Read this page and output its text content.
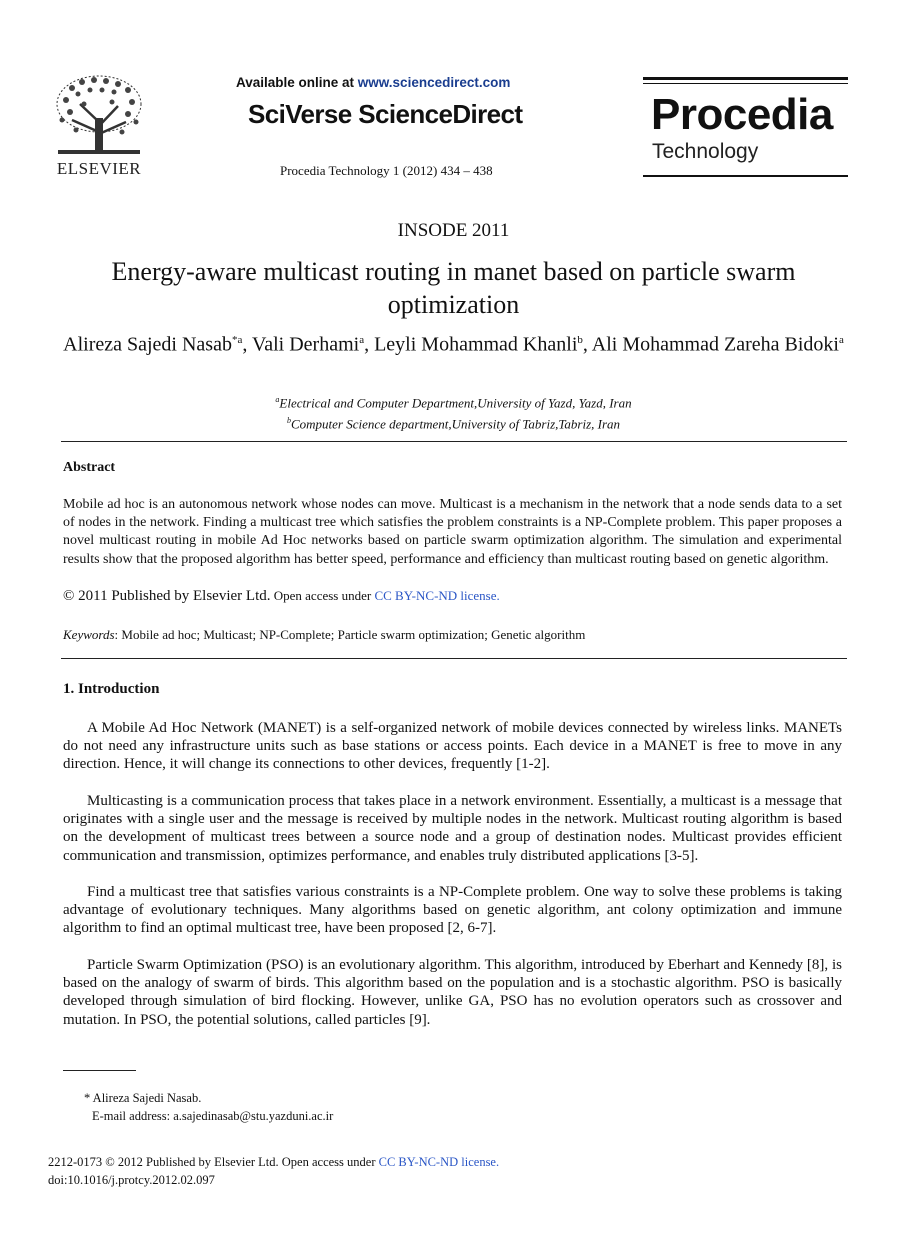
ELSEVIER
Available online at www.sciencedirect.com
SciVerse ScienceDirect
Procedia Technology 1 (2012) 434 – 438
Procedia
Technology
INSODE 2011
Energy-aware multicast routing in manet based on particle swarm optimization
Alireza Sajedi Nasab$^{*a}$, Vali Derhami$^a$, Leyli Mohammad Khanli$^b$, Ali Mohammad Zareha Bidoki$^a$
$^a$Electrical and Computer Department,University of Yazd, Yazd, Iran
$^b$Computer Science department,University of Tabriz,Tabriz, Iran
Abstract
Mobile ad hoc is an autonomous network whose nodes can move. Multicast is a mechanism in the network that a node sends data to a set of nodes in the network. Finding a multicast tree which satisfies the problem constraints is a NP-Complete problem. This paper proposes a novel multicast routing in mobile Ad Hoc networks based on particle swarm optimization algorithm. The simulation and experimental results show that the proposed algorithm has better speed, performance and efficiency than multicast routing based on genetic algorithm.
© 2011 Published by Elsevier Ltd. Open access under CC BY-NC-ND license.
Keywords: Mobile ad hoc; Multicast; NP-Complete; Particle swarm optimization; Genetic algorithm
1. Introduction
A Mobile Ad Hoc Network (MANET) is a self-organized network of mobile devices connected by wireless links. MANETs do not need any infrastructure units such as base stations or access points. Each device in a MANET is free to move in any direction. Hence, it will change its connections to other devices, frequently [1-2].
Multicasting is a communication process that takes place in a network environment. Essentially, a multicast is a message that originates with a single user and the message is received by multiple nodes in the network. Multicast routing algorithm is based on the development of multicast trees between a source node and a group of destination nodes. Multicast provides efficient communication and transmission, optimizes performance, and enables truly distributed applications [3-5].
Find a multicast tree that satisfies various constraints is a NP-Complete problem. One way to solve these problems is taking advantage of evolutionary techniques. Many algorithms based on genetic algorithm, ant colony optimization and immune algorithm to find an optimal multicast tree, have been proposed [2, 6-7].
Particle Swarm Optimization (PSO) is an evolutionary algorithm. This algorithm, introduced by Eberhart and Kennedy [8], is based on the analogy of swarm of birds. This algorithm based on the population and is a stochastic algorithm. PSO is basically developed through simulation of bird flocking. However, unlike GA, PSO has no evolution operators such as crossover and mutation. In PSO, the potential solutions, called particles [9].
* Alireza Sajedi Nasab.
E-mail address: a.sajedinasab@stu.yazduni.ac.ir
2212-0173 © 2012 Published by Elsevier Ltd. Open access under CC BY-NC-ND license.
doi:10.1016/j.protcy.2012.02.097
